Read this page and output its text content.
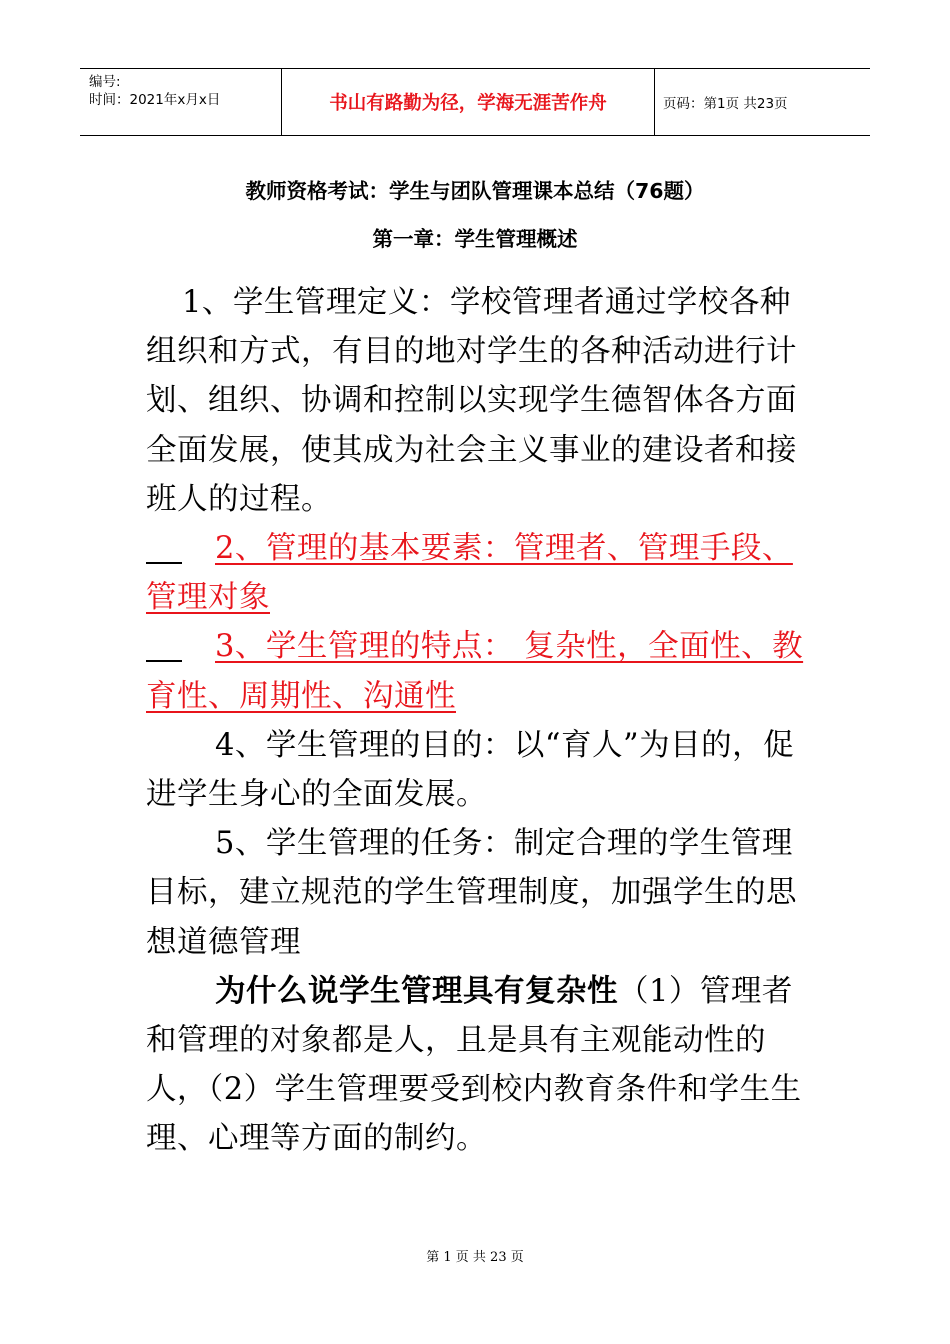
编号:
时间：2021年x月x日	书山有路勤为径，学海无涯苦作舟	页码：第1页 共23页
教师资格考试：学生与团队管理课本总结（76题）
第一章：学生管理概述

1、学生管理定义：学校管理者通过学校各种组织和方式，有目的地对学生的各种活动进行计划、组织、协调和控制以实现学生德智体各方面全面发展，使其成为社会主义事业的建设者和接班人的过程。

2、管理的基本要素：管理者、管理手段、管理对象

3、学生管理的特点： 复杂性，全面性、教育性、周期性、沟通性

4、学生管理的目的：以“育人”为目的，促进学生身心的全面发展。

5、学生管理的任务：制定合理的学生管理目标，建立规范的学生管理制度，加强学生的思想道德管理

为什么说学生管理具有复杂性（1）管理者和管理的对象都是人，且是具有主观能动性的人，（2）学生管理要受到校内教育条件和学生生理、心理等方面的制约。

第 1 页 共 23 页
